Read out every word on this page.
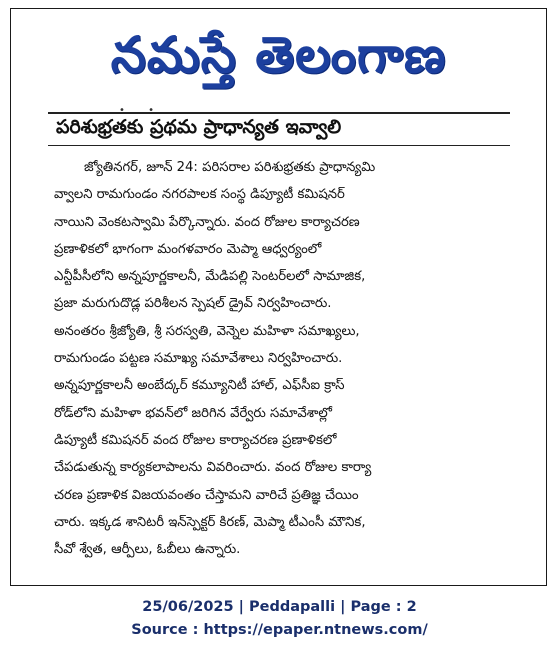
నమస్తే తెలంగాణ
• •
పరిశుభ్రతకు ప్రథమ ప్రాధాన్యత ఇవ్వాలి
జ్యోతినగర్, జూన్ 24: పరిసరాల పరిశుభ్రతకు ప్రాధాన్యమి
వ్వాలని రామగుండం నగరపాలక సంస్థ డిప్యూటీ కమిషనర్
నాయిని వెంకటస్వామి పేర్కొన్నారు. వంద రోజుల కార్యాచరణ
ప్రణాళికలో భాగంగా మంగళవారం మెప్మా ఆధ్వర్యంలో
ఎన్టీపీసీలోని అన్నపూర్ణకాలనీ, మేడిపల్లి సెంటర్‌లలో సామాజిక,
ప్రజా మరుగుదొడ్ల పరిశీలన స్పెషల్ డ్రైవ్ నిర్వహించారు.
అనంతరం శ్రీజ్యోతి, శ్రీ సరస్వతి, వెన్నెల మహిళా సమాఖ్యలు,
రామగుండం పట్టణ సమాఖ్య సమావేశాలు నిర్వహించారు.
అన్నపూర్ణకాలనీ అంబేద్కర్ కమ్యూనిటీ హాల్, ఎఫ్‌సీఐ క్రాస్
రోడ్‌లోని మహిళా భవన్‌లో జరిగిన వేర్వేరు సమావేశాల్లో
డిప్యూటీ కమిషనర్ వంద రోజుల కార్యాచరణ ప్రణాళికలో
చేపడుతున్న కార్యకలాపాలను వివరించారు. వంద రోజుల కార్యా
చరణ ప్రణాళిక విజయవంతం చేస్తామని వారిచే ప్రతిజ్ఞ చేయిం
చారు. ఇక్కడ శానిటరీ ఇన్‌స్పెక్టర్ కిరణ్, మెప్మా టీఎంసీ మౌనిక,
సీవో శ్వేత, ఆర్పీలు, ఓబీలు ఉన్నారు.
25/06/2025 | Peddapalli | Page : 2
Source : https://epaper.ntnews.com/
